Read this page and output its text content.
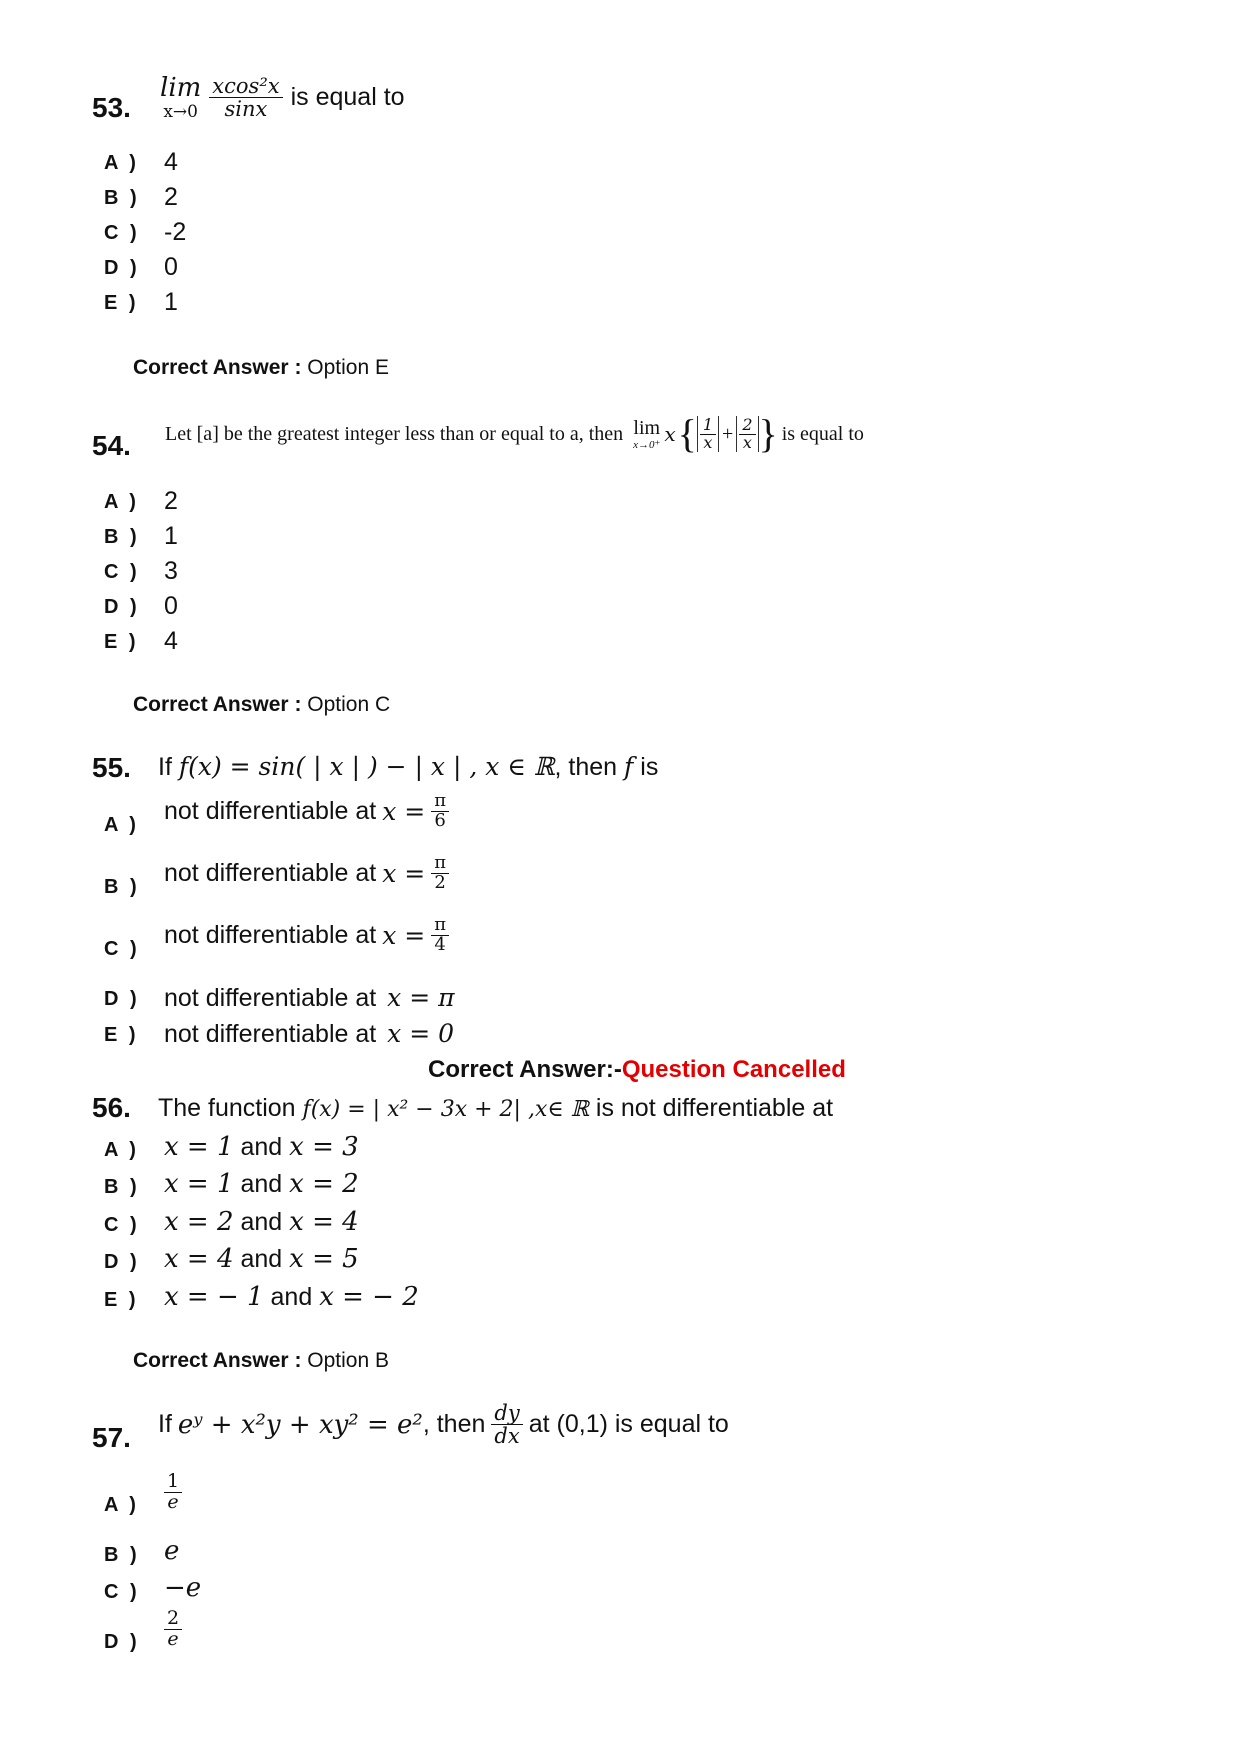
53.
lim
$x\to 0 \frac{\text{xcos²x}}{\sin x}$ is equal to
A ) 4
B ) 2
C ) -2
D ) 0
E ) 1
Correct Answer : Option E
54. Let [a] be the greatest integer less than or equal to a, then lim
x→0⁺ x { $\frac{1}{x} + \frac{2}{x}$ } is equal to
A ) 2
B ) 1
C ) 3
D ) 0
E ) 4
Correct Answer : Option C
55. If f(x) = sin( | x | ) − | x | , x ∈ ℝ, then f is
A )
not differentiable at $x = \frac{\pi}{6}$
B )
not differentiable at $x = \frac{\pi}{2}$
C )
not differentiable at $x = \frac{\pi}{4}$
D ) not differentiable at x = π
E ) not differentiable at x = 0
Correct Answer:-Question Cancelled
56. The function f(x) = | x² − 3x + 2| ,x∈ ℝ is not differentiable at
A ) x = 1 and x = 3
B ) x = 1 and x = 2
C ) x = 2 and x = 4
D ) x = 4 and x = 5
E ) x = − 1 and x = − 2
Correct Answer : Option B
57. If eʸ + x²y + xy² = e² , then $\frac{dy}{dx}$ at (0,1) is equal to
A ) $\frac{1}{e}$
B ) e
C ) −e
D ) $\frac{2}{e}$
